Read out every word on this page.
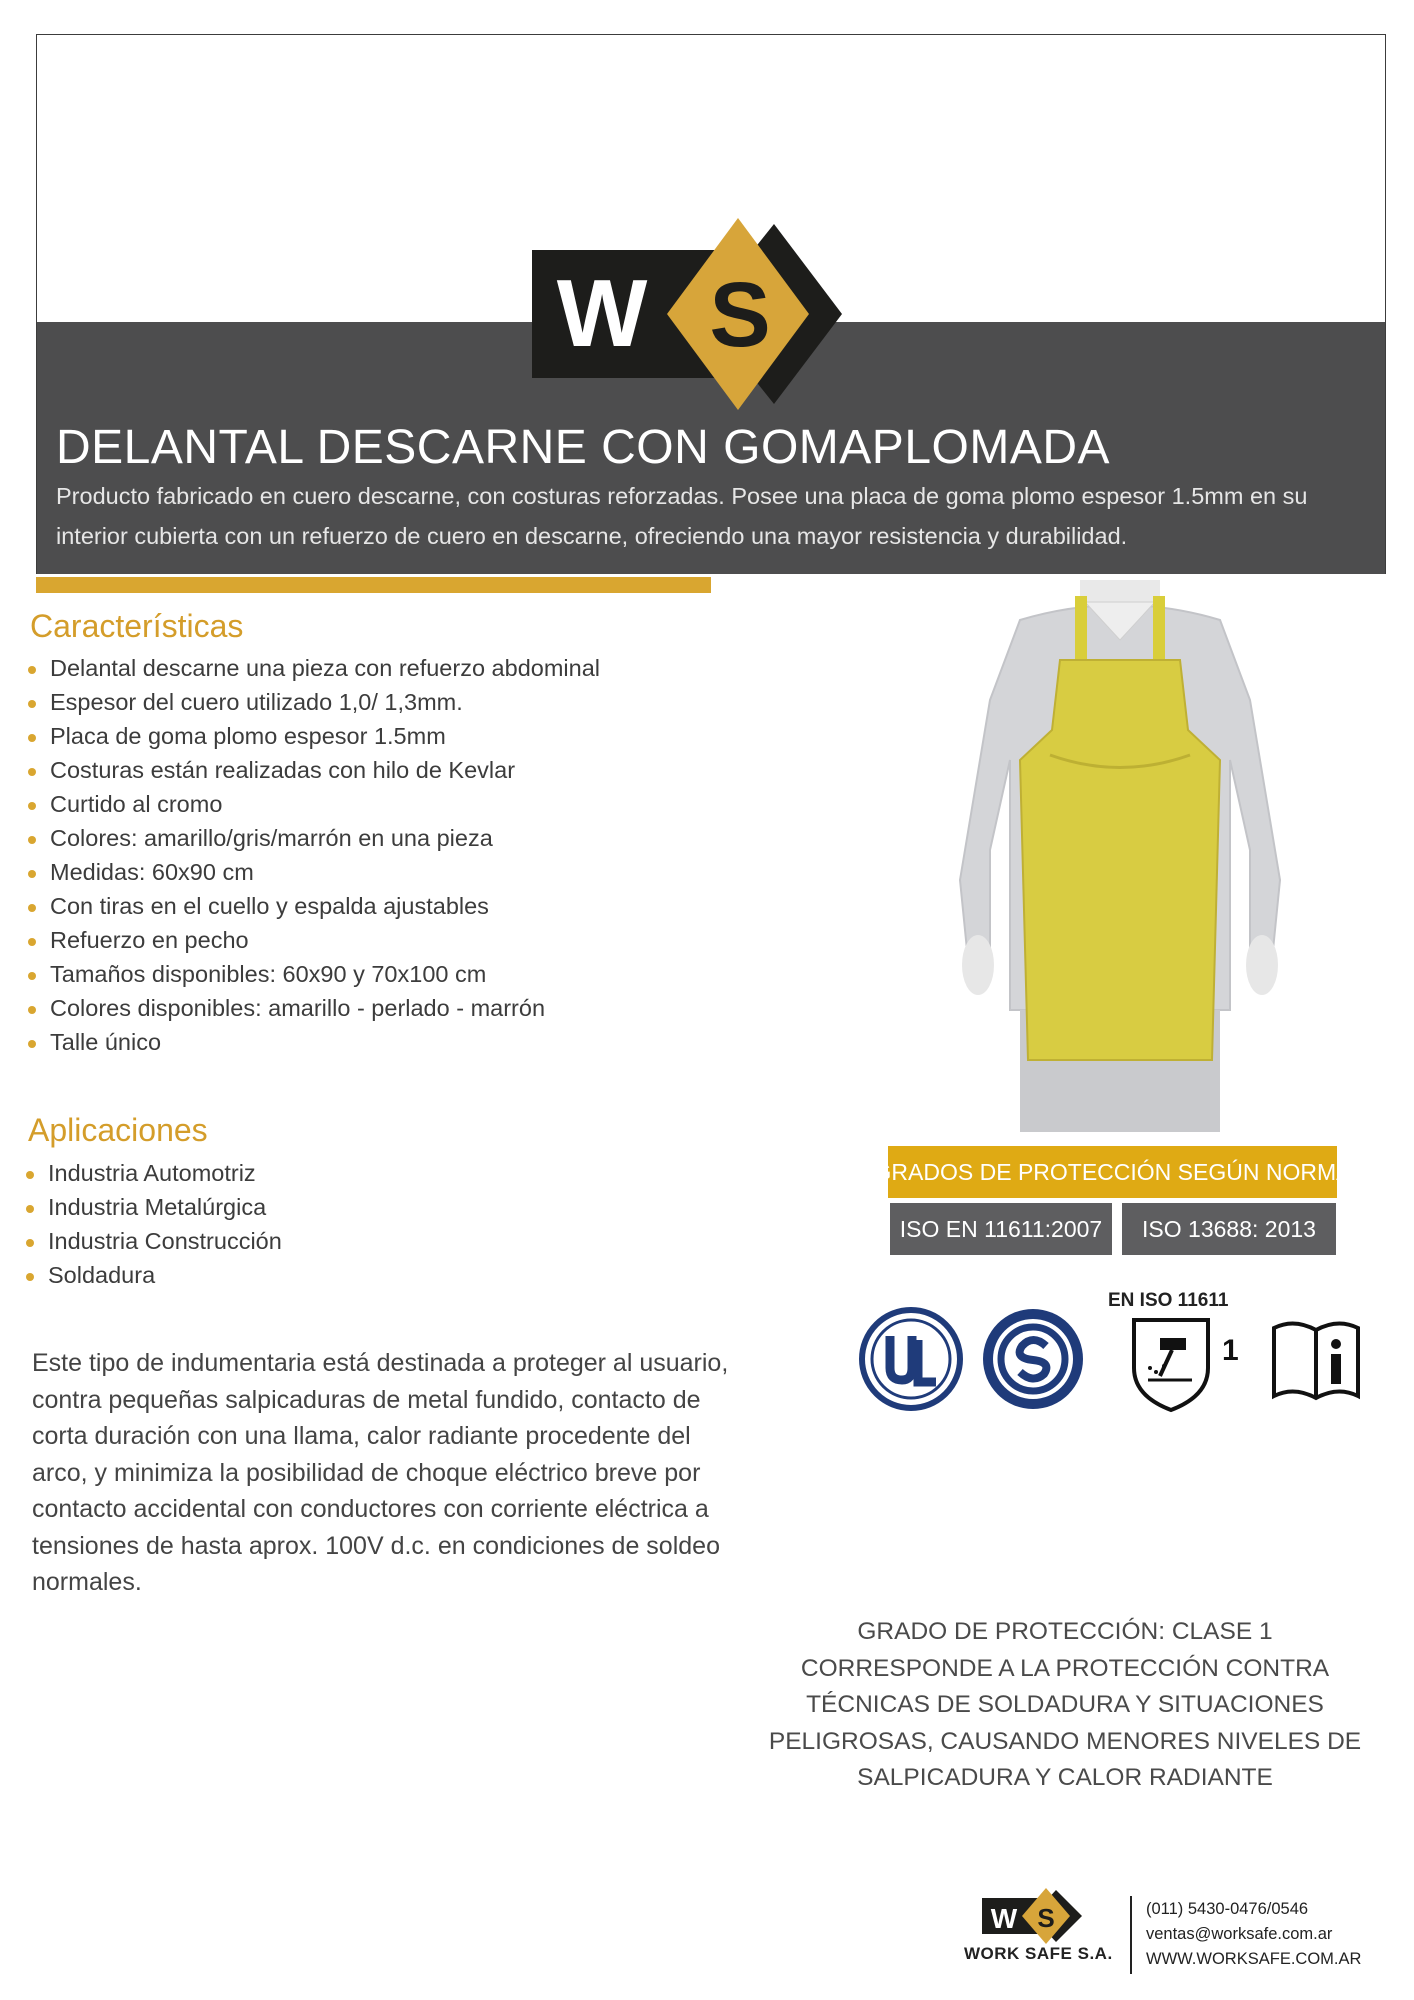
W S
DELANTAL DESCARNE CON GOMAPLOMADA
Producto fabricado en cuero descarne, con costuras reforzadas. Posee una placa de goma plomo espesor 1.5mm en su interior cubierta con un refuerzo de cuero en descarne, ofreciendo una mayor resistencia y durabilidad.
Características
Delantal descarne una pieza con refuerzo abdominal
Espesor del cuero utilizado 1,0/ 1,3mm.
Placa de goma plomo espesor 1.5mm
Costuras están realizadas con hilo de Kevlar
Curtido al cromo
Colores: amarillo/gris/marrón en una pieza
Medidas: 60x90 cm
Con tiras en el cuello y espalda ajustables
Refuerzo en pecho
Tamaños disponibles: 60x90 y 70x100 cm
Colores disponibles: amarillo - perlado - marrón
Talle único
Aplicaciones
Industria Automotriz
Industria Metalúrgica
Industria Construcción
Soldadura
Este tipo de indumentaria está destinada a proteger al usuario, contra pequeñas salpicaduras de metal fundido, contacto de corta duración con una llama, calor radiante procedente del arco, y minimiza la posibilidad de choque eléctrico breve por contacto accidental con conductores con corriente eléctrica a tensiones de hasta aprox. 100V d.c. en condiciones de soldeo normales.
GRADOS DE PROTECCIÓN SEGÚN NORMA
ISO EN 11611:2007	ISO 13688: 2013
EN ISO 11611
1
GRADO DE PROTECCIÓN: CLASE 1 CORRESPONDE A LA PROTECCIÓN CONTRA TÉCNICAS DE SOLDADURA Y SITUACIONES PELIGROSAS, CAUSANDO MENORES NIVELES DE SALPICADURA Y CALOR RADIANTE
W S
WORK SAFE S.A.
(011) 5430-0476/0546
ventas@worksafe.com.ar
WWW.WORKSAFE.COM.AR
